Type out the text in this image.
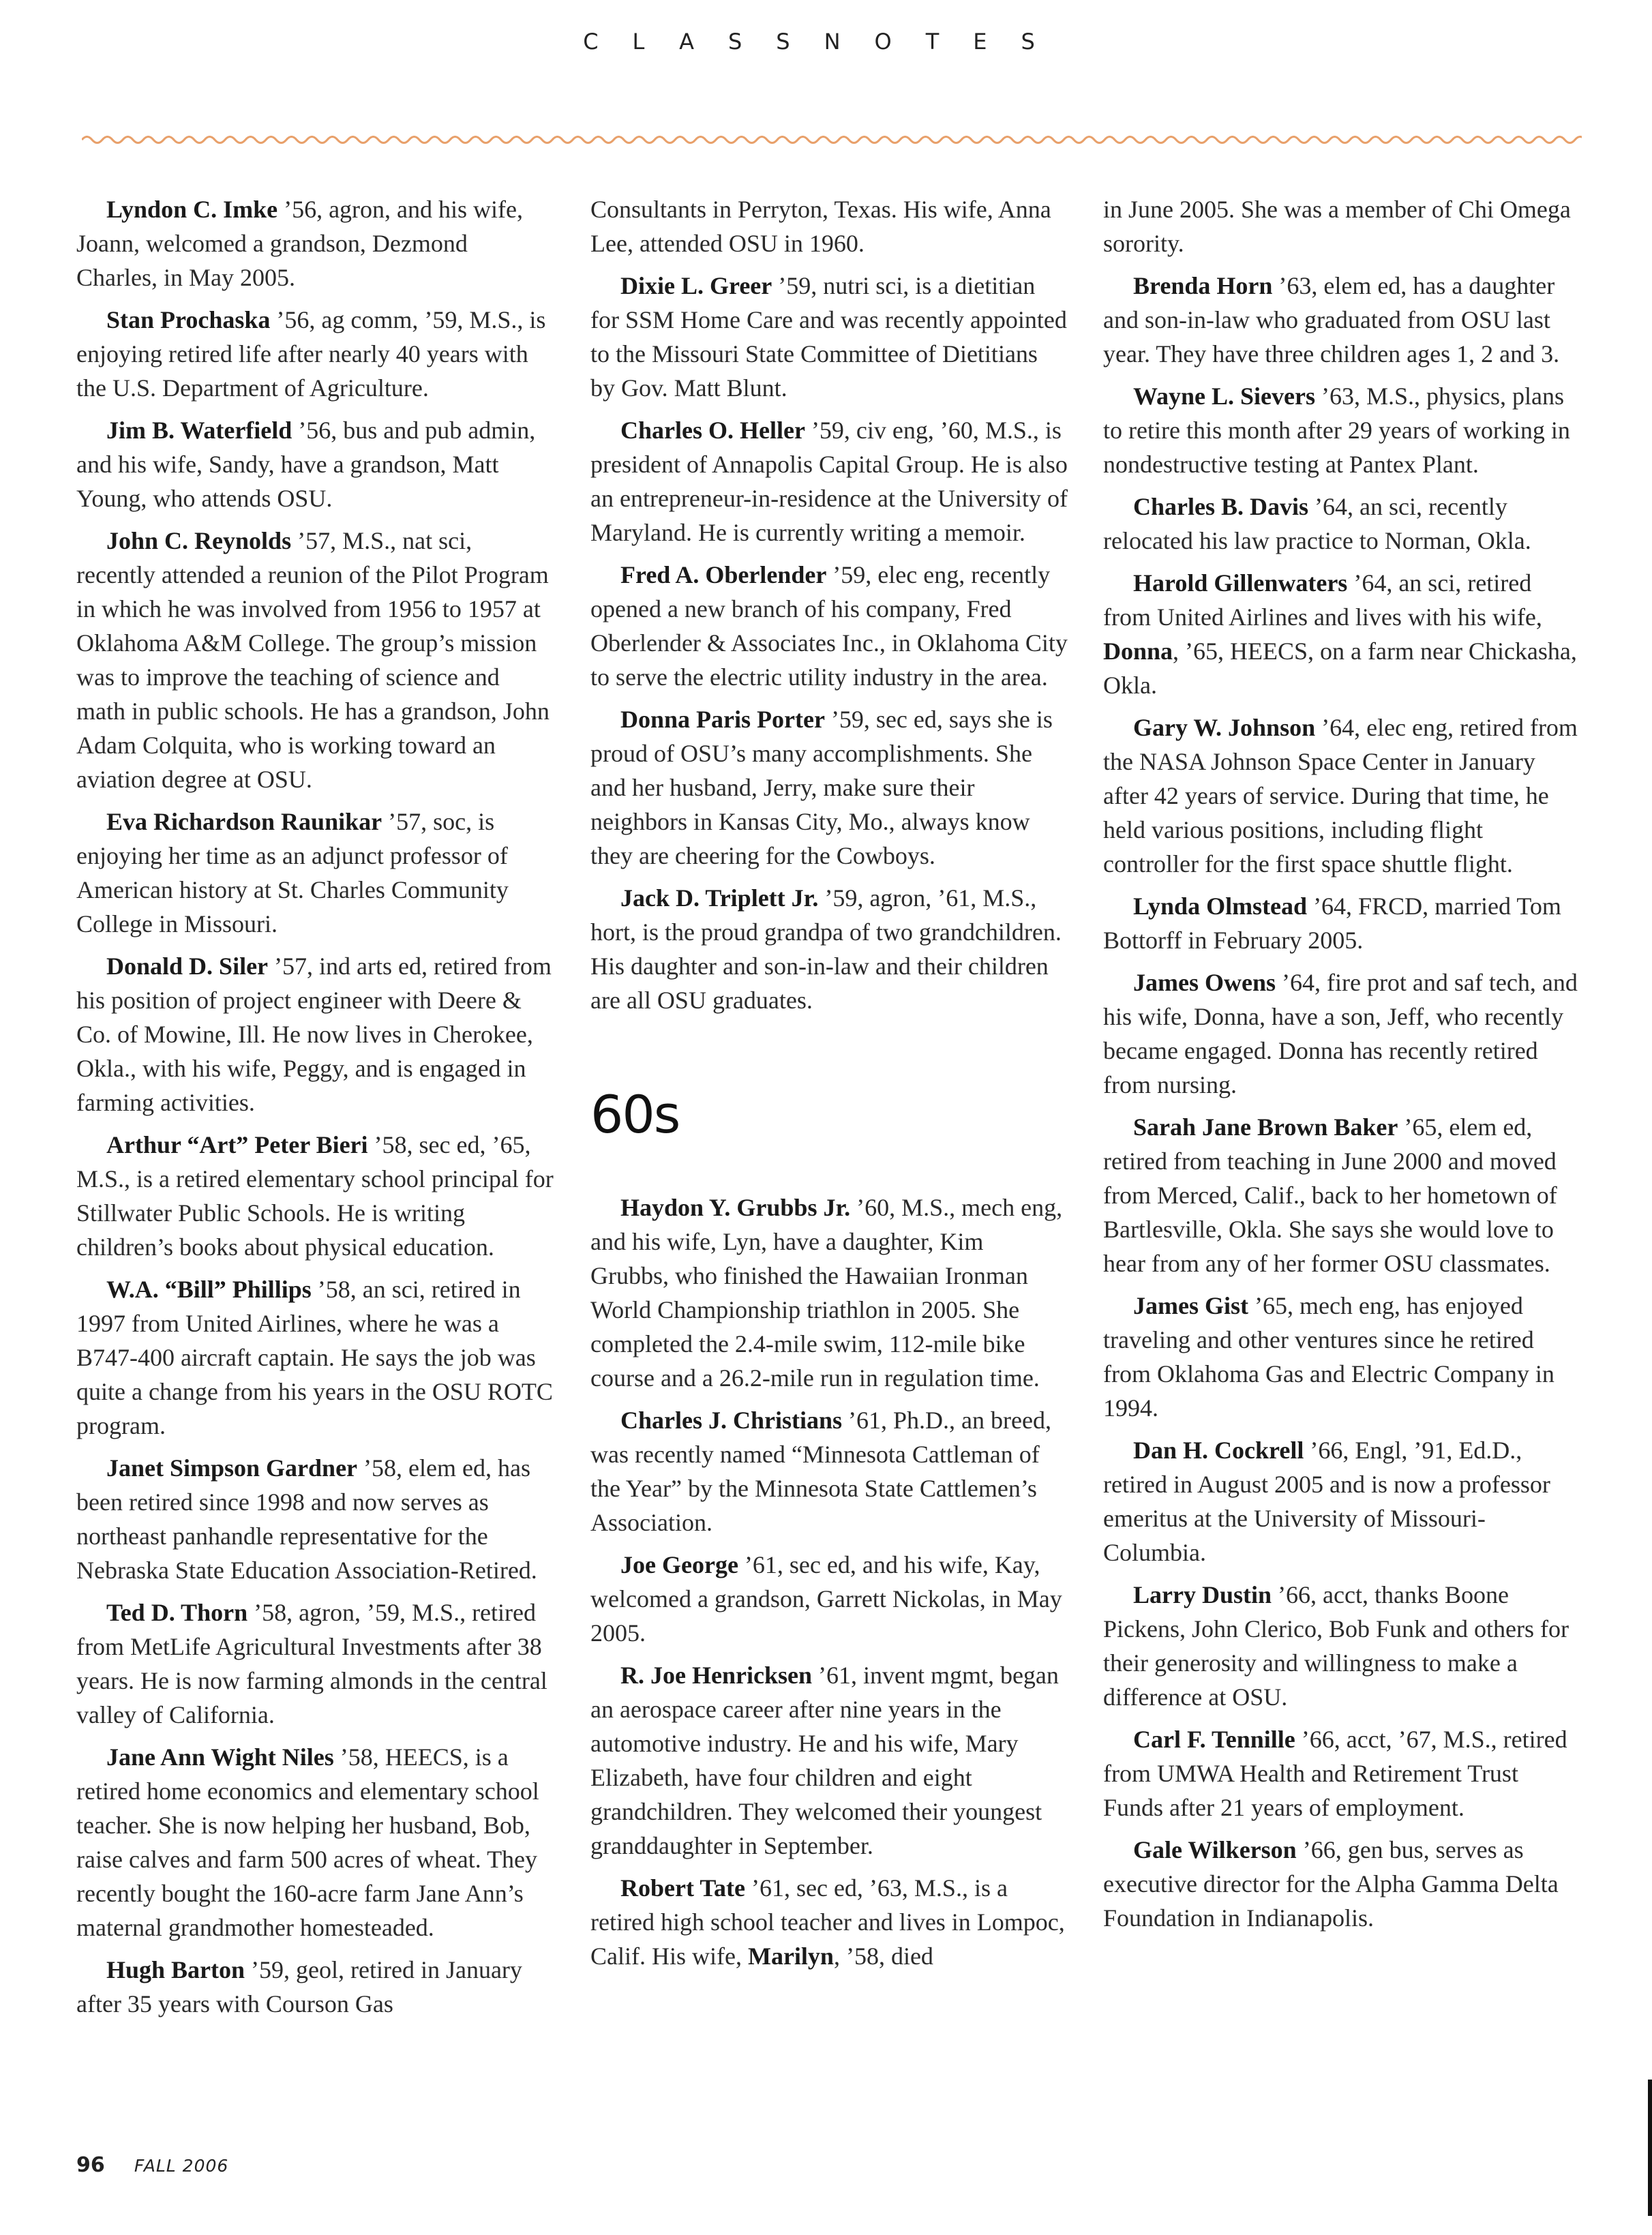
CLASSNOTES

Lyndon C. Imke ’56, agron, and his wife, Joann, welcomed a grandson, Dezmond Charles, in May 2005.

Stan Prochaska ’56, ag comm, ’59, M.S., is enjoying retired life after nearly 40 years with the U.S. Department of Agriculture.

Jim B. Waterfield ’56, bus and pub admin, and his wife, Sandy, have a grandson, Matt Young, who attends OSU.

John C. Reynolds ’57, M.S., nat sci, recently attended a reunion of the Pilot Program in which he was involved from 1956 to 1957 at Oklahoma A&M College. The group’s mission was to improve the teaching of science and math in public schools. He has a grandson, John Adam Colquita, who is working toward an aviation degree at OSU.

Eva Richardson Raunikar ’57, soc, is enjoying her time as an adjunct professor of American history at St. Charles Community College in Missouri.

Donald D. Siler ’57, ind arts ed, retired from his position of project engineer with Deere & Co. of Mowine, Ill. He now lives in Cherokee, Okla., with his wife, Peggy, and is engaged in farming activities.

Arthur “Art” Peter Bieri ’58, sec ed, ’65, M.S., is a retired elementary school principal for Stillwater Public Schools. He is writing children’s books about physical education.

W.A. “Bill” Phillips ’58, an sci, retired in 1997 from United Airlines, where he was a B747-400 aircraft captain. He says the job was quite a change from his years in the OSU ROTC program.

Janet Simpson Gardner ’58, elem ed, has been retired since 1998 and now serves as northeast panhandle representative for the Nebraska State Education Association-Retired.

Ted D. Thorn ’58, agron, ’59, M.S., retired from MetLife Agricultural Investments after 38 years. He is now farming almonds in the central valley of California.

Jane Ann Wight Niles ’58, HEECS, is a retired home economics and elementary school teacher. She is now helping her husband, Bob, raise calves and farm 500 acres of wheat. They recently bought the 160-acre farm Jane Ann’s maternal grandmother homesteaded.

Hugh Barton ’59, geol, retired in January after 35 years with Courson Gas

Consultants in Perryton, Texas. His wife, Anna Lee, attended OSU in 1960.

Dixie L. Greer ’59, nutri sci, is a dietitian for SSM Home Care and was recently appointed to the Missouri State Committee of Dietitians by Gov. Matt Blunt.

Charles O. Heller ’59, civ eng, ’60, M.S., is president of Annapolis Capital Group. He is also an entrepreneur-in-residence at the University of Maryland. He is currently writing a memoir.

Fred A. Oberlender ’59, elec eng, recently opened a new branch of his company, Fred Oberlender & Associates Inc., in Oklahoma City to serve the electric utility industry in the area.

Donna Paris Porter ’59, sec ed, says she is proud of OSU’s many accomplishments. She and her husband, Jerry, make sure their neighbors in Kansas City, Mo., always know they are cheering for the Cowboys.

Jack D. Triplett Jr. ’59, agron, ’61, M.S., hort, is the proud grandpa of two grandchildren. His daughter and son-in-law and their children are all OSU graduates.

60s

Haydon Y. Grubbs Jr. ’60, M.S., mech eng, and his wife, Lyn, have a daughter, Kim Grubbs, who finished the Hawaiian Ironman World Championship triathlon in 2005. She completed the 2.4-mile swim, 112-mile bike course and a 26.2-mile run in regulation time.

Charles J. Christians ’61, Ph.D., an breed, was recently named “Minnesota Cattleman of the Year” by the Minnesota State Cattlemen’s Association.

Joe George ’61, sec ed, and his wife, Kay, welcomed a grandson, Garrett Nickolas, in May 2005.

R. Joe Henricksen ’61, invent mgmt, began an aerospace career after nine years in the automotive industry. He and his wife, Mary Elizabeth, have four children and eight grandchildren. They welcomed their youngest granddaughter in September.

Robert Tate ’61, sec ed, ’63, M.S., is a retired high school teacher and lives in Lompoc, Calif. His wife, Marilyn, ’58, died

in June 2005. She was a member of Chi Omega sorority.

Brenda Horn ’63, elem ed, has a daughter and son-in-law who graduated from OSU last year. They have three children ages 1, 2 and 3.

Wayne L. Sievers ’63, M.S., physics, plans to retire this month after 29 years of working in nondestructive testing at Pantex Plant.

Charles B. Davis ’64, an sci, recently relocated his law practice to Norman, Okla.

Harold Gillenwaters ’64, an sci, retired from United Airlines and lives with his wife, Donna, ’65, HEECS, on a farm near Chickasha, Okla.

Gary W. Johnson ’64, elec eng, retired from the NASA Johnson Space Center in January after 42 years of service. During that time, he held various positions, including flight controller for the first space shuttle flight.

Lynda Olmstead ’64, FRCD, married Tom Bottorff in February 2005.

James Owens ’64, fire prot and saf tech, and his wife, Donna, have a son, Jeff, who recently became engaged. Donna has recently retired from nursing.

Sarah Jane Brown Baker ’65, elem ed, retired from teaching in June 2000 and moved from Merced, Calif., back to her hometown of Bartlesville, Okla. She says she would love to hear from any of her former OSU classmates.

James Gist ’65, mech eng, has enjoyed traveling and other ventures since he retired from Oklahoma Gas and Electric Company in 1994.

Dan H. Cockrell ’66, Engl, ’91, Ed.D., retired in August 2005 and is now a professor emeritus at the University of Missouri-Columbia.

Larry Dustin ’66, acct, thanks Boone Pickens, John Clerico, Bob Funk and others for their generosity and willingness to make a difference at OSU.

Carl F. Tennille ’66, acct, ’67, M.S., retired from UMWA Health and Retirement Trust Funds after 21 years of employment.

Gale Wilkerson ’66, gen bus, serves as executive director for the Alpha Gamma Delta Foundation in Indianapolis.

96 FALL 2006
